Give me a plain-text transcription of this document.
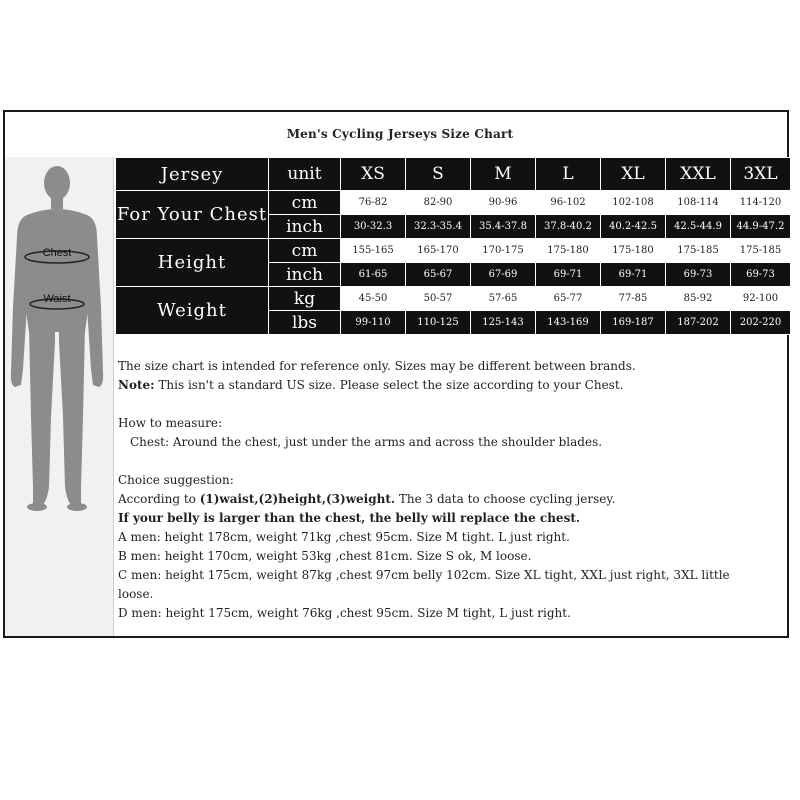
Men's Cycling Jerseys Size Chart
Chest
Waist
Jersey	unit	XS	S	M	L	XL	XXL	3XL
For Your Chest	cm	76-82	82-90	90-96	96-102	102-108	108-114	114-120
	inch	30-32.3	32.3-35.4	35.4-37.8	37.8-40.2	40.2-42.5	42.5-44.9	44.9-47.2
Height	cm	155-165	165-170	170-175	175-180	175-180	175-185	175-185
	inch	61-65	65-67	67-69	69-71	69-71	69-73	69-73
Weight	kg	45-50	50-57	57-65	65-77	77-85	85-92	92-100
	lbs	99-110	110-125	125-143	143-169	169-187	187-202	202-220

The size chart is intended for reference only. Sizes may be different between brands.

Note: This isn't a standard US size. Please select the size according to your Chest.

How to measure:

Chest: Around the chest, just under the arms and across the shoulder blades.

Choice suggestion:

According to (1)waist,(2)height,(3)weight. The 3 data to choose cycling jersey.

If your belly is larger than the chest, the belly will replace the chest.

A men: height 178cm, weight 71kg ,chest 95cm. Size M tight. L just right.

B men: height 170cm, weight 53kg ,chest 81cm. Size S ok, M loose.

C men: height 175cm, weight 87kg ,chest 97cm belly 102cm. Size XL tight, XXL just right, 3XL little

loose.

D men: height 175cm, weight 76kg ,chest 95cm. Size M tight, L just right.
